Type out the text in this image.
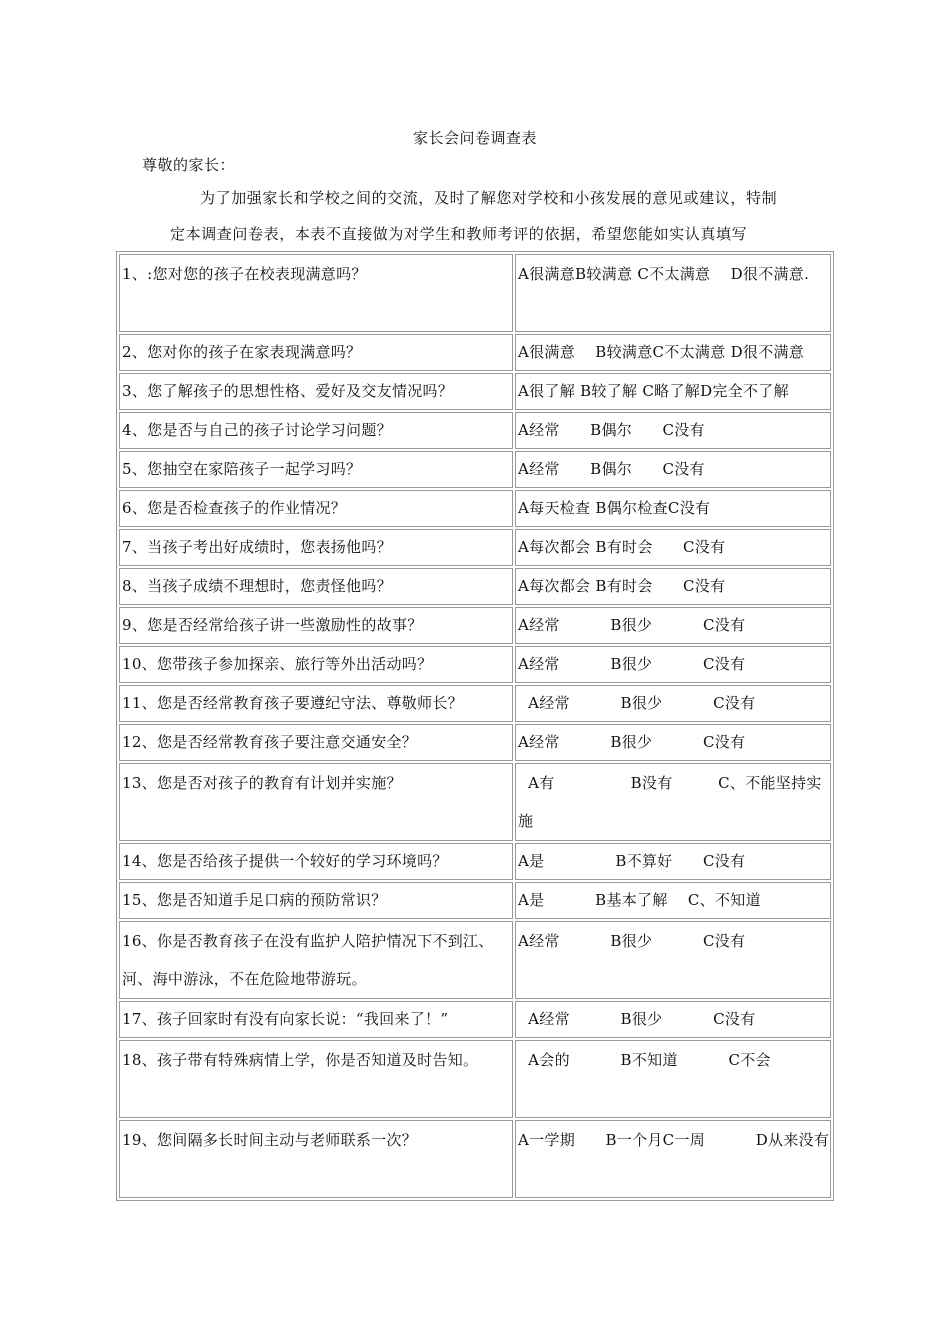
家长会问卷调查表
尊敬的家长：
为了加强家长和学校之间的交流，及时了解您对学校和小孩发展的意见或建议，特制
定本调查问卷表，本表不直接做为对学生和教师考评的依据，希望您能如实认真填写
1、:您对您的孩子在校表现满意吗？	A很满意B较满意 C不太满意    D很不满意.
2、您对你的孩子在家表现满意吗？	A很满意    B较满意C不太满意 D很不满意
3、您了解孩子的思想性格、爱好及交友情况吗？	A很了解 B较了解 C略了解D完全不了解
4、您是否与自己的孩子讨论学习问题？	A经常      B偶尔      C没有
5、您抽空在家陪孩子一起学习吗？	A经常      B偶尔      C没有
6、您是否检查孩子的作业情况？	A每天检查 B偶尔检查C没有
7、当孩子考出好成绩时，您表扬他吗？	A每次都会 B有时会      C没有
8、当孩子成绩不理想时，您责怪他吗？	A每次都会 B有时会      C没有
9、您是否经常给孩子讲一些激励性的故事？	A经常          B很少          C没有
10、您带孩子参加探亲、旅行等外出活动吗？	A经常          B很少          C没有
11、您是否经常教育孩子要遵纪守法、尊敬师长？	A经常          B很少          C没有
12、您是否经常教育孩子要注意交通安全？	A经常          B很少          C没有
13、您是否对孩子的教育有计划并实施？	A有               B没有         C、不能坚持实施
14、您是否给孩子提供一个较好的学习环境吗？	A是              B不算好      C没有
15、您是否知道手足口病的预防常识？	A是          B基本了解    C、不知道
16、你是否教育孩子在没有监护人陪护情况下不到江、河、海中游泳，不在危险地带游玩。	A经常          B很少          C没有
17、孩子回家时有没有向家长说：“我回来了！”	A经常          B很少          C没有
18、孩子带有特殊病情上学，你是否知道及时告知。	A会的          B不知道          C不会
19、您间隔多长时间主动与老师联系一次？	A一学期      B一个月C一周          D从来没有
